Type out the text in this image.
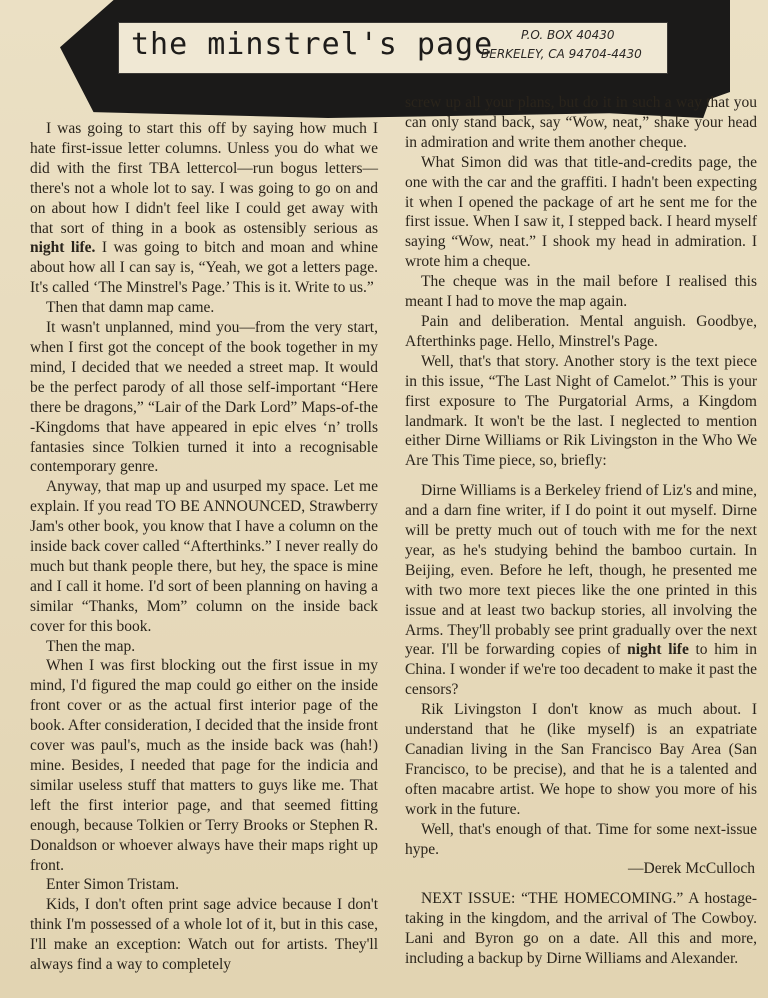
the minstrel's page	P.O. BOX 40430
BERKELEY, CA 94704-4430

I was going to start this off by saying how much I hate first-issue letter columns. Unless you do what we did with the first TBA lettercol—run bogus letters—there's not a whole lot to say. I was going to go on and on about how I didn't feel like I could get away with that sort of thing in a book as ostensibly serious as night life. I was going to bitch and moan and whine about how all I can say is, “Yeah, we got a letters page. It's called ‘The Minstrel's Page.’ This is it. Write to us.”

Then that damn map came.

It wasn't unplanned, mind you—from the very start, when I first got the concept of the book together in my mind, I decided that we needed a street map. It would be the perfect parody of all those self-important “Here there be dragons,” “Lair of the Dark Lord” Maps-of-the -Kingdoms that have appeared in epic elves ‘n’ trolls fantasies since Tolkien turned it into a recognisable contemporary genre.

Anyway, that map up and usurped my space. Let me explain. If you read TO BE ANNOUNCED, Strawberry Jam's other book, you know that I have a column on the inside back cover called “Afterthinks.” I never really do much but thank people there, but hey, the space is mine and I call it home. I'd sort of been planning on having a similar “Thanks, Mom” column on the inside back cover for this book.

Then the map.

When I was first blocking out the first issue in my mind, I'd figured the map could go either on the inside front cover or as the actual first interior page of the book. After consideration, I decided that the inside front cover was paul's, much as the inside back was (hah!) mine. Besides, I needed that page for the indicia and similar useless stuff that matters to guys like me. That left the first interior page, and that seemed fitting enough, because Tolkien or Terry Brooks or Stephen R. Donaldson or whoever always have their maps right up front.

Enter Simon Tristam.

Kids, I don't often print sage advice because I don't think I'm possessed of a whole lot of it, but in this case, I'll make an exception: Watch out for artists. They'll always find a way to completely

screw up all your plans, but do it in such a way that you can only stand back, say “Wow, neat,” shake your head in admiration and write them another cheque.

What Simon did was that title-and-credits page, the one with the car and the graffiti. I hadn't been expecting it when I opened the package of art he sent me for the first issue. When I saw it, I stepped back. I heard myself saying “Wow, neat.” I shook my head in admiration. I wrote him a cheque.

The cheque was in the mail before I realised this meant I had to move the map again.

Pain and deliberation. Mental anguish. Goodbye, Afterthinks page. Hello, Minstrel's Page.

Well, that's that story. Another story is the text piece in this issue, “The Last Night of Camelot.” This is your first exposure to The Purgatorial Arms, a Kingdom landmark. It won't be the last. I neglected to mention either Dirne Williams or Rik Livingston in the Who We Are This Time piece, so, briefly:

Dirne Williams is a Berkeley friend of Liz's and mine, and a darn fine writer, if I do point it out myself. Dirne will be pretty much out of touch with me for the next year, as he's studying behind the bamboo curtain. In Beijing, even. Before he left, though, he presented me with two more text pieces like the one printed in this issue and at least two backup stories, all involving the Arms. They'll probably see print gradually over the next year. I'll be forwarding copies of night life to him in China. I wonder if we're too decadent to make it past the censors?

Rik Livingston I don't know as much about. I understand that he (like myself) is an expatriate Canadian living in the San Francisco Bay Area (San Francisco, to be precise), and that he is a talented and often macabre artist. We hope to show you more of his work in the future.

Well, that's enough of that. Time for some next-issue hype.

—Derek McCulloch

NEXT ISSUE: “THE HOMECOMING.” A hostage-taking in the kingdom, and the arrival of The Cowboy. Lani and Byron go on a date. All this and more, including a backup by Dirne Williams and Alexander.
